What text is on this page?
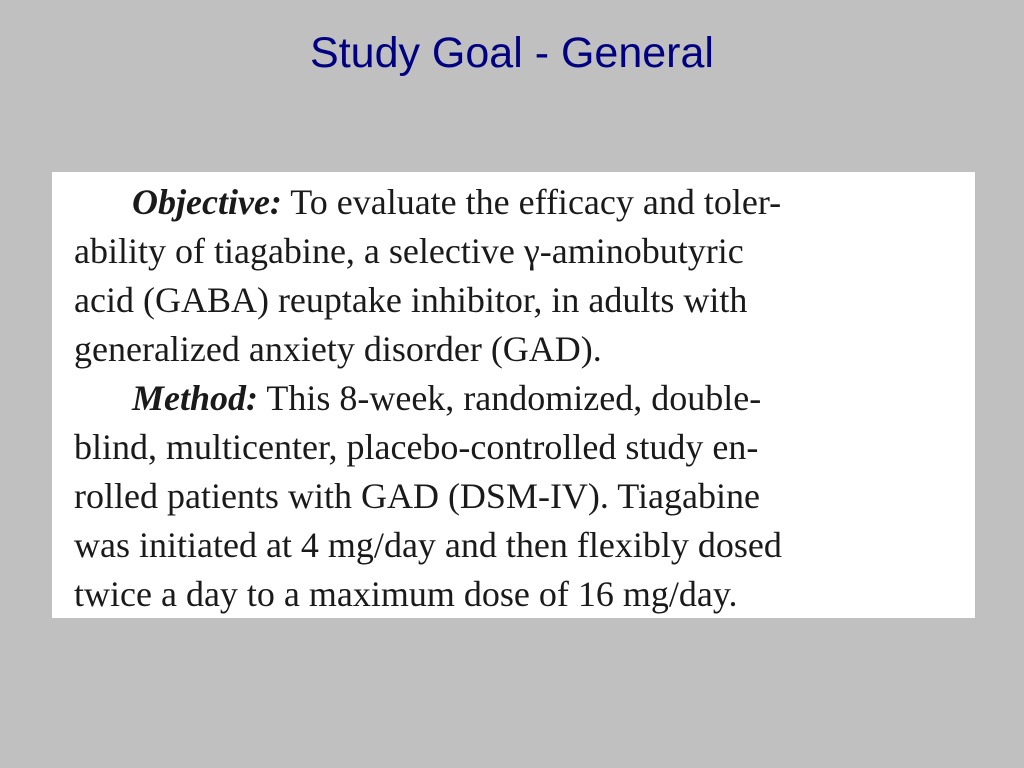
Study Goal - General
Objective: To evaluate the efficacy and toler-
ability of tiagabine, a selective γ-aminobutyric
acid (GABA) reuptake inhibitor, in adults with
generalized anxiety disorder (GAD).
Method: This 8-week, randomized, double-
blind, multicenter, placebo-controlled study en-
rolled patients with GAD (DSM-IV). Tiagabine
was initiated at 4 mg/day and then flexibly dosed
twice a day to a maximum dose of 16 mg/day.
